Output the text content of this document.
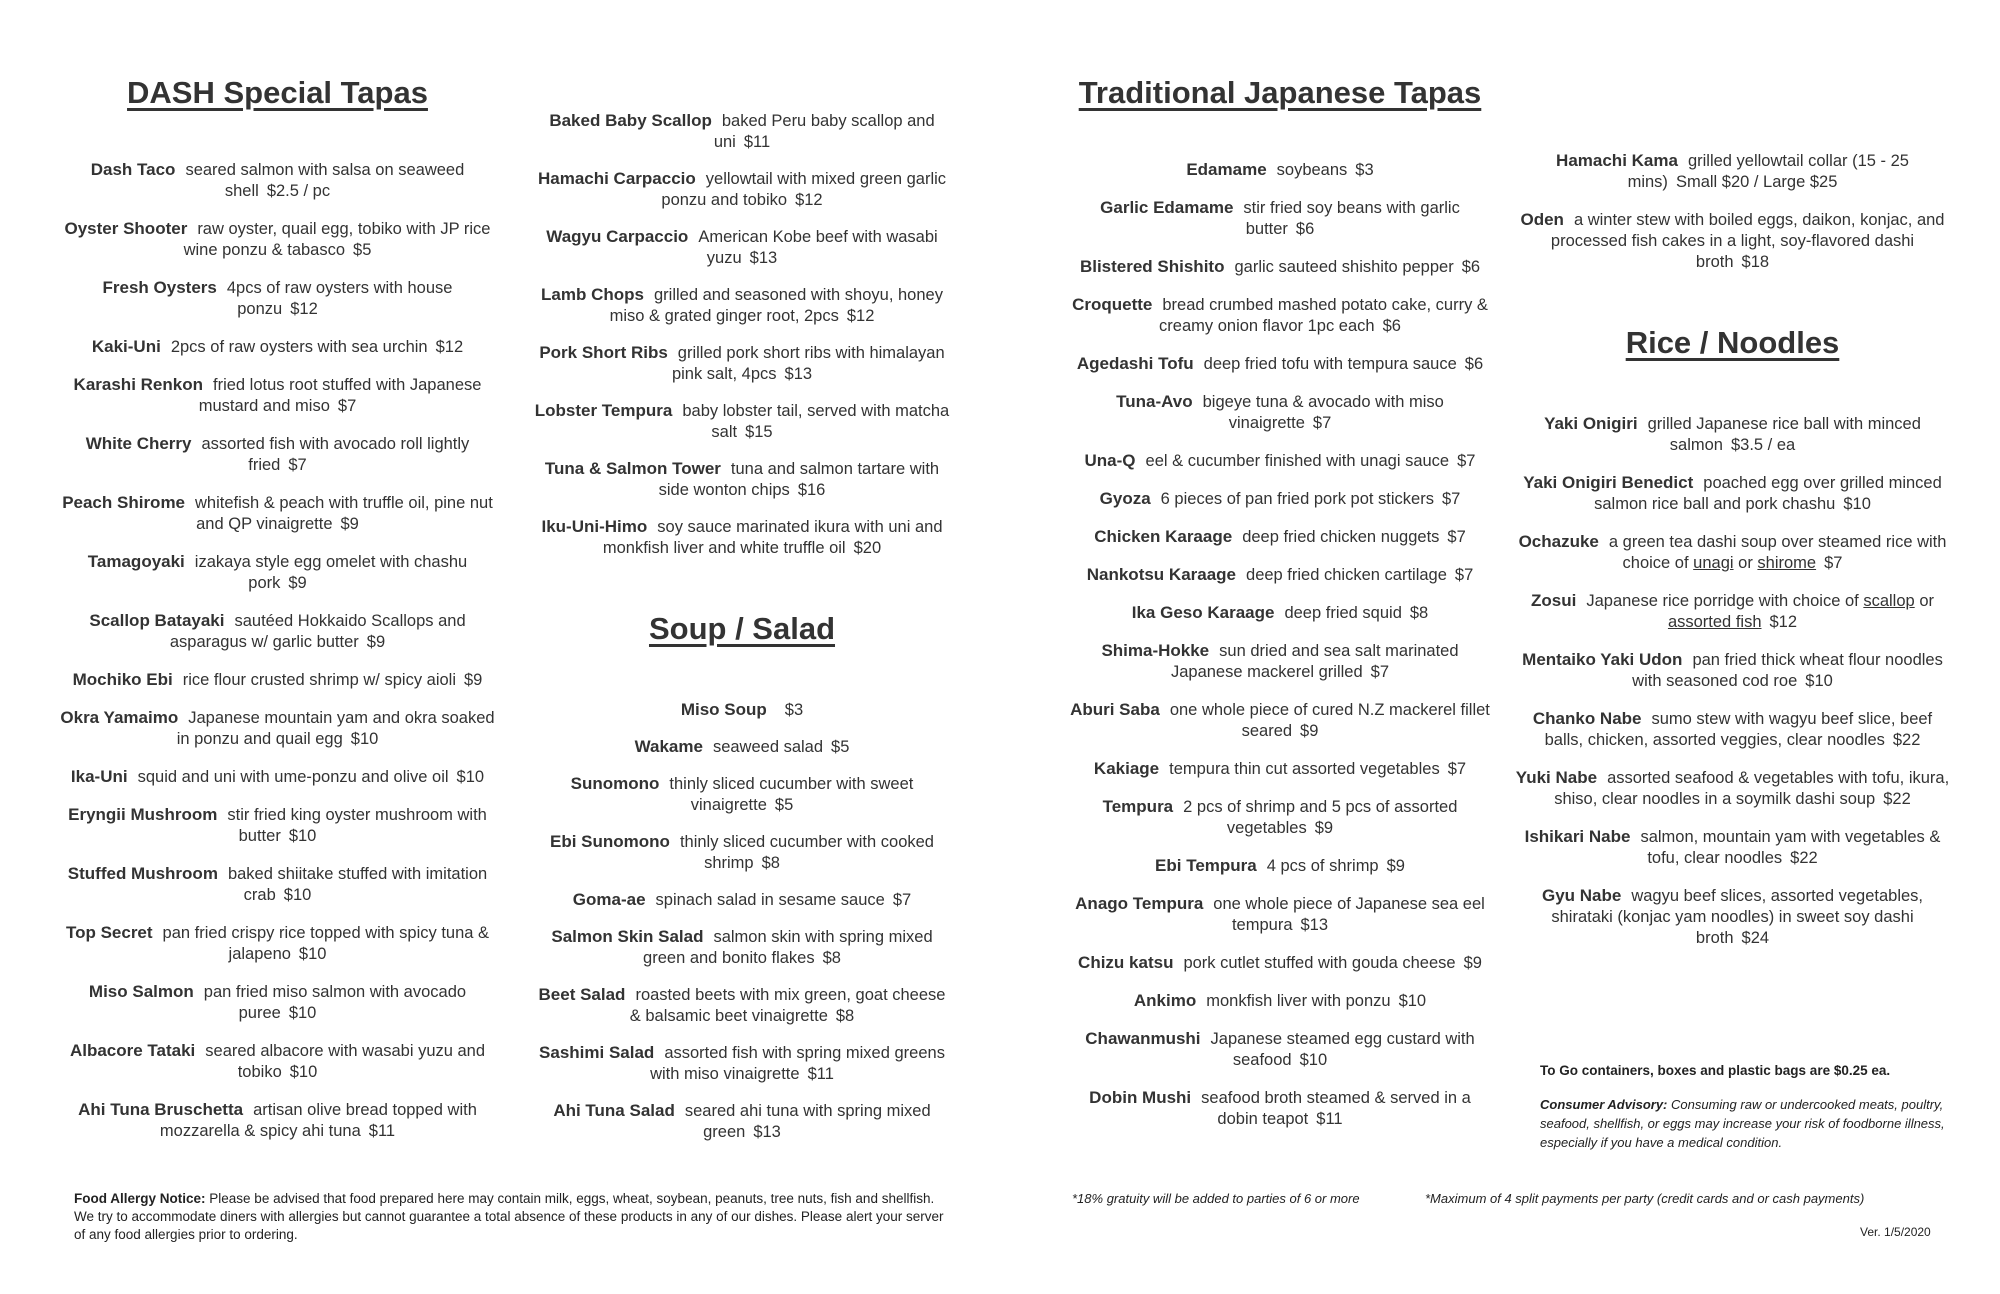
DASH Special Tapas
Dash Taco seared salmon with salsa on seaweed shell $2.5 / pc
Oyster Shooter raw oyster, quail egg, tobiko with JP rice wine ponzu & tabasco $5
Fresh Oysters 4pcs of raw oysters with house ponzu $12
Kaki-Uni 2pcs of raw oysters with sea urchin $12
Karashi Renkon fried lotus root stuffed with Japanese mustard and miso $7
White Cherry assorted fish with avocado roll lightly fried $7
Peach Shirome whitefish & peach with truffle oil, pine nut and QP vinaigrette $9
Tamagoyaki izakaya style egg omelet with chashu pork $9
Scallop Batayaki sautéed Hokkaido Scallops and asparagus w/ garlic butter $9
Mochiko Ebi rice flour crusted shrimp w/ spicy aioli $9
Okra Yamaimo Japanese mountain yam and okra soaked in ponzu and quail egg $10
Ika-Uni squid and uni with ume-ponzu and olive oil $10
Eryngii Mushroom stir fried king oyster mushroom with butter $10
Stuffed Mushroom baked shiitake stuffed with imitation crab $10
Top Secret pan fried crispy rice topped with spicy tuna & jalapeno $10
Miso Salmon pan fried miso salmon with avocado puree $10
Albacore Tataki seared albacore with wasabi yuzu and tobiko $10
Ahi Tuna Bruschetta artisan olive bread topped with mozzarella & spicy ahi tuna $11
Baked Baby Scallop baked Peru baby scallop and uni $11
Hamachi Carpaccio yellowtail with mixed green garlic ponzu and tobiko $12
Wagyu Carpaccio American Kobe beef with wasabi yuzu $13
Lamb Chops grilled and seasoned with shoyu, honey miso & grated ginger root, 2pcs $12
Pork Short Ribs grilled pork short ribs with himalayan pink salt, 4pcs $13
Lobster Tempura baby lobster tail, served with matcha salt $15
Tuna & Salmon Tower tuna and salmon tartare with side wonton chips $16
Iku-Uni-Himo soy sauce marinated ikura with uni and monkfish liver and white truffle oil $20
Soup / Salad
Miso Soup $3
Wakame seaweed salad $5
Sunomono thinly sliced cucumber with sweet vinaigrette $5
Ebi Sunomono thinly sliced cucumber with cooked shrimp $8
Goma-ae spinach salad in sesame sauce $7
Salmon Skin Salad salmon skin with spring mixed green and bonito flakes $8
Beet Salad roasted beets with mix green, goat cheese & balsamic beet vinaigrette $8
Sashimi Salad assorted fish with spring mixed greens with miso vinaigrette $11
Ahi Tuna Salad seared ahi tuna with spring mixed green $13
Traditional Japanese Tapas
Edamame soybeans $3
Garlic Edamame stir fried soy beans with garlic butter $6
Blistered Shishito garlic sauteed shishito pepper $6
Croquette bread crumbed mashed potato cake, curry & creamy onion flavor 1pc each $6
Agedashi Tofu deep fried tofu with tempura sauce $6
Tuna-Avo bigeye tuna & avocado with miso vinaigrette $7
Una-Q eel & cucumber finished with unagi sauce $7
Gyoza 6 pieces of pan fried pork pot stickers $7
Chicken Karaage deep fried chicken nuggets $7
Nankotsu Karaage deep fried chicken cartilage $7
Ika Geso Karaage deep fried squid $8
Shima-Hokke sun dried and sea salt marinated Japanese mackerel grilled $7
Aburi Saba one whole piece of cured N.Z mackerel fillet seared $9
Kakiage tempura thin cut assorted vegetables $7
Tempura 2 pcs of shrimp and 5 pcs of assorted vegetables $9
Ebi Tempura 4 pcs of shrimp $9
Anago Tempura one whole piece of Japanese sea eel tempura $13
Chizu katsu pork cutlet stuffed with gouda cheese $9
Ankimo monkfish liver with ponzu $10
Chawanmushi Japanese steamed egg custard with seafood $10
Dobin Mushi seafood broth steamed & served in a dobin teapot $11
Hamachi Kama grilled yellowtail collar (15 - 25 mins) Small $20 / Large $25
Oden a winter stew with boiled eggs, daikon, konjac, and processed fish cakes in a light, soy-flavored dashi broth $18
Rice / Noodles
Yaki Onigiri grilled Japanese rice ball with minced salmon $3.5 / ea
Yaki Onigiri Benedict poached egg over grilled minced salmon rice ball and pork chashu $10
Ochazuke a green tea dashi soup over steamed rice with choice of unagi or shirome $7
Zosui Japanese rice porridge with choice of scallop or assorted fish $12
Mentaiko Yaki Udon pan fried thick wheat flour noodles with seasoned cod roe $10
Chanko Nabe sumo stew with wagyu beef slice, beef balls, chicken, assorted veggies, clear noodles $22
Yuki Nabe assorted seafood & vegetables with tofu, ikura, shiso, clear noodles in a soymilk dashi soup $22
Ishikari Nabe salmon, mountain yam with vegetables & tofu, clear noodles $22
Gyu Nabe wagyu beef slices, assorted vegetables, shirataki (konjac yam noodles) in sweet soy dashi broth $24
Food Allergy Notice: Please be advised that food prepared here may contain milk, eggs, wheat, soybean, peanuts, tree nuts, fish and shellfish. We try to accommodate diners with allergies but cannot guarantee a total absence of these products in any of our dishes. Please alert your server of any food allergies prior to ordering.
To Go containers, boxes and plastic bags are $0.25 ea.
Consumer Advisory: Consuming raw or undercooked meats, poultry, seafood, shellfish, or eggs may increase your risk of foodborne illness, especially if you have a medical condition.
*18% gratuity will be added to parties of 6 or more	*Maximum of 4 split payments per party (credit cards and or cash payments)
Ver. 1/5/2020
